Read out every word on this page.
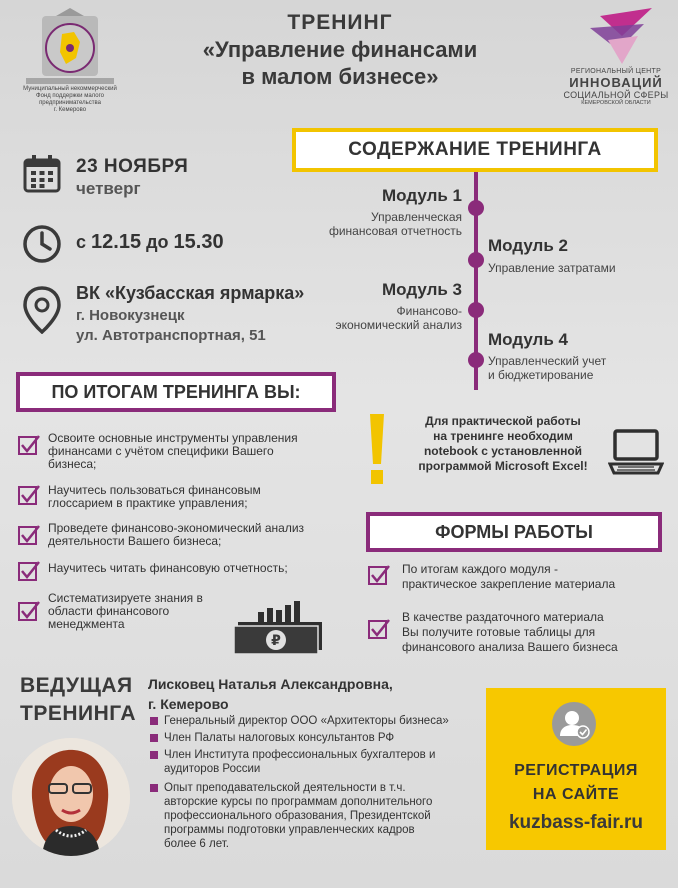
Муниципальный некоммерческий
Фонд поддержки малого
предпринимательства
г. Кемерово
ТРЕНИНГ
«Управление финансами
в малом бизнесе»	РЕГИОНАЛЬНЫЙ ЦЕНТР
ИННОВАЦИЙ
СОЦИАЛЬНОЙ СФЕРЫ
КЕМЕРОВСКОЙ ОБЛАСТИ
23 НОЯБРЯ
четверг
с 12.15 до 15.30
ВК «Кузбасская ярмарка»
г. Новокузнецк
ул. Автотранспортная, 51
СОДЕРЖАНИЕ ТРЕНИНГА
Модуль 1
Управленческая
финансовая отчетность
Модуль 2
Управление затратами
Модуль 3
Финансово-
экономический анализ
Модуль 4
Управленческий учет
и бюджетирование
ПО ИТОГАМ ТРЕНИНГА ВЫ:
Освоите основные инструменты управления
финансами с учётом специфики Вашего
бизнеса;
Научитесь пользоваться финансовым
глоссарием в практике управления;
Проведете финансово-экономический анализ
деятельности Вашего бизнеса;
Научитесь читать финансовую отчетность;
Систематизируете знания в
области финансового
менеджмента
₽
Для практической работы
на тренинге необходим
notebook с установленной
программой Microsoft Excel!
ФОРМЫ РАБОТЫ
По итогам каждого модуля -
практическое закрепление материала
В качестве раздаточного материала
Вы получите готовые таблицы для
финансового анализа Вашего бизнеса
ВЕДУЩАЯ
ТРЕНИНГА
Лисковец Наталья Александровна,
г. Кемерово
Генеральный директор ООО «Архитекторы бизнеса»
Член Палаты налоговых консультантов РФ
Член Института профессиональных бухгалтеров и
аудиторов России
Опыт преподавательской деятельности в т.ч.
авторские курсы по программам дополнительного
профессионального образования, Президентской
программы подготовки управленческих кадров
более 6 лет.
РЕГИСТРАЦИЯ
НА САЙТЕ
kuzbass-fair.ru
